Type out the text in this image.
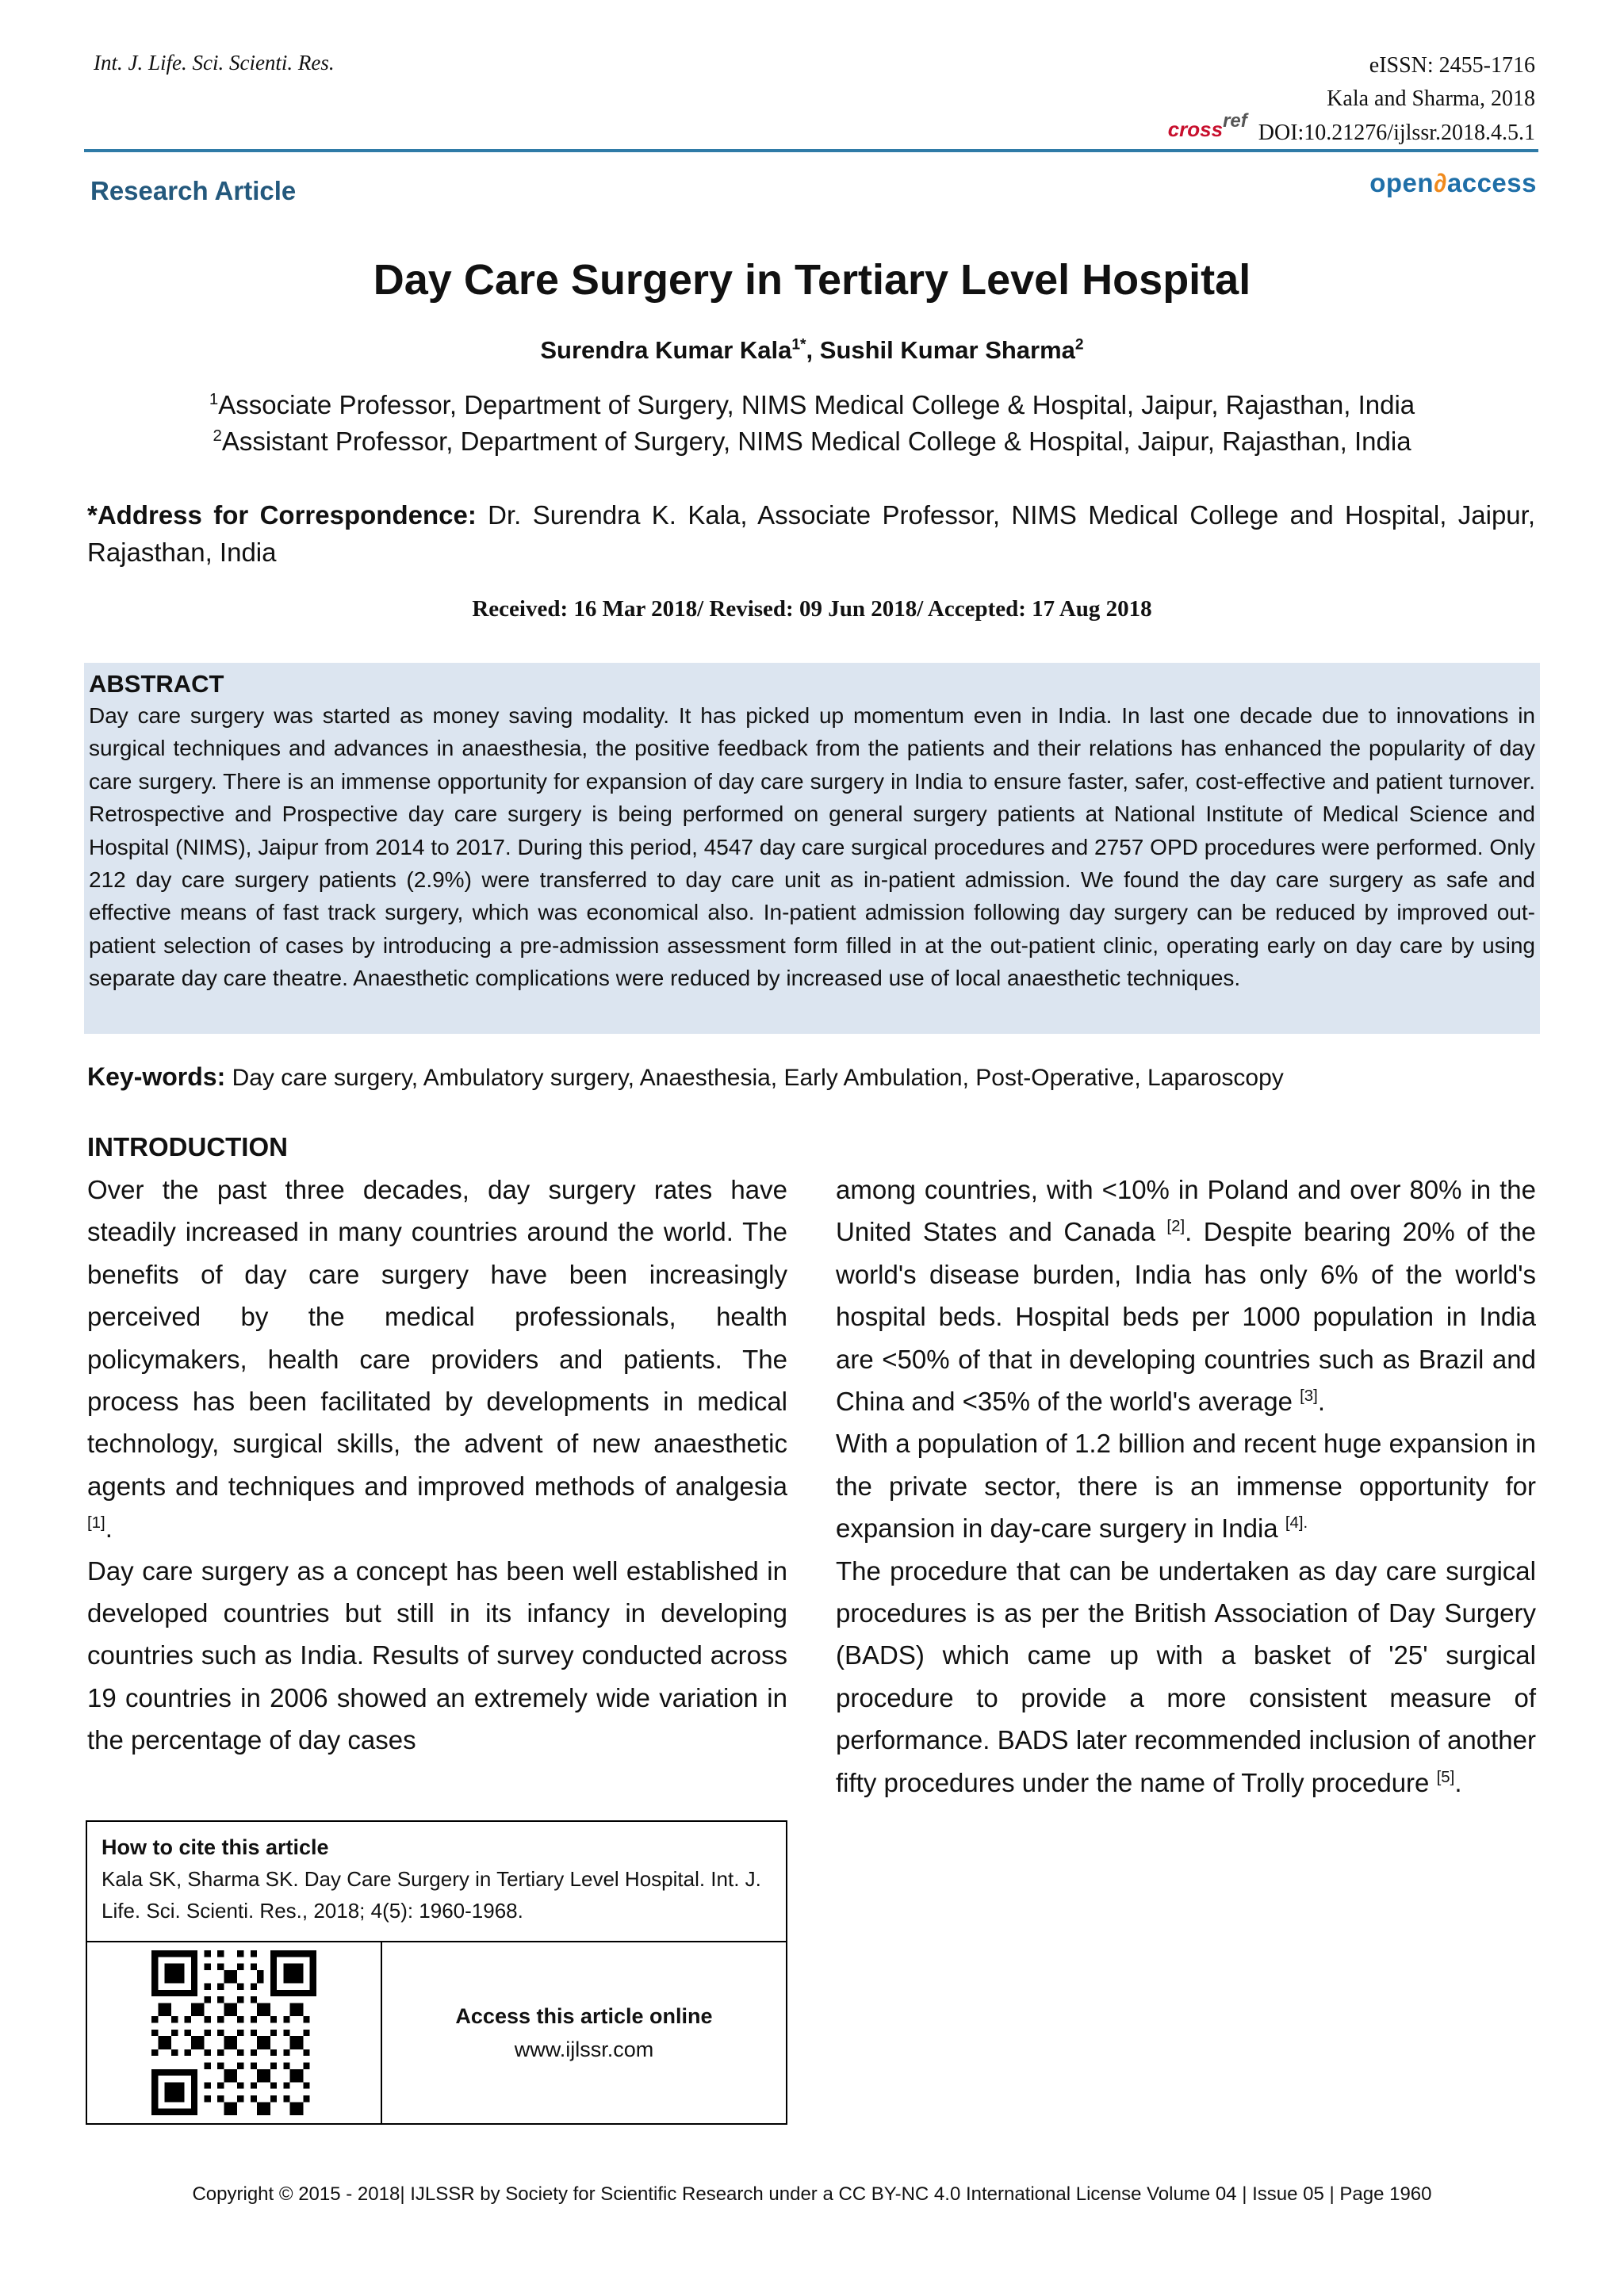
Int. J. Life. Sci. Scienti. Res.	eISSN: 2455-1716
Kala and Sharma, 2018
crossref DOI:10.21276/ijlssr.2018.4.5.1
Research Article	open∂access
Day Care Surgery in Tertiary Level Hospital
Surendra Kumar Kala$^{1*}$, Sushil Kumar Sharma$^2$
$^1$Associate Professor, Department of Surgery, NIMS Medical College & Hospital, Jaipur, Rajasthan, India
$^2$Assistant Professor, Department of Surgery, NIMS Medical College & Hospital, Jaipur, Rajasthan, India
*Address for Correspondence: Dr. Surendra K. Kala, Associate Professor, NIMS Medical College and Hospital, Jaipur, Rajasthan, India
Received: 16 Mar 2018/ Revised: 09 Jun 2018/ Accepted: 17 Aug 2018
ABSTRACT

Day care surgery was started as money saving modality. It has picked up momentum even in India. In last one decade due to innovations in surgical techniques and advances in anaesthesia, the positive feedback from the patients and their relations has enhanced the popularity of day care surgery. There is an immense opportunity for expansion of day care surgery in India to ensure faster, safer, cost-effective and patient turnover. Retrospective and Prospective day care surgery is being performed on general surgery patients at National Institute of Medical Science and Hospital (NIMS), Jaipur from 2014 to 2017. During this period, 4547 day care surgical procedures and 2757 OPD procedures were performed. Only 212 day care surgery patients (2.9%) were transferred to day care unit as in-patient admission. We found the day care surgery as safe and effective means of fast track surgery, which was economical also. In-patient admission following day surgery can be reduced by improved out-patient selection of cases by introducing a pre-admission assessment form filled in at the out-patient clinic, operating early on day care by using separate day care theatre. Anaesthetic complications were reduced by increased use of local anaesthetic techniques.

Key-words: Day care surgery, Ambulatory surgery, Anaesthesia, Early Ambulation, Post-Operative, Laparoscopy
INTRODUCTION

Over the past three decades, day surgery rates have steadily increased in many countries around the world. The benefits of day care surgery have been increasingly perceived by the medical professionals, health policymakers, health care providers and patients. The process has been facilitated by developments in medical technology, surgical skills, the advent of new anaesthetic agents and techniques and improved methods of analgesia [1].

Day care surgery as a concept has been well established in developed countries but still in its infancy in developing countries such as India. Results of survey conducted across 19 countries in 2006 showed an extremely wide variation in the percentage of day cases

among countries, with <10% in Poland and over 80% in the United States and Canada [2]. Despite bearing 20% of the world's disease burden, India has only 6% of the world's hospital beds. Hospital beds per 1000 population in India are <50% of that in developing countries such as Brazil and China and <35% of the world's average [3].

With a population of 1.2 billion and recent huge expansion in the private sector, there is an immense opportunity for expansion in day-care surgery in India $^{[4].}$

The procedure that can be undertaken as day care surgical procedures is as per the British Association of Day Surgery (BADS) which came up with a basket of '25' surgical procedure to provide a more consistent measure of performance. BADS later recommended inclusion of another fifty procedures under the name of Trolly procedure [5].

How to cite this article
Kala SK, Sharma SK. Day Care Surgery in Tertiary Level Hospital. Int. J. Life. Sci. Scienti. Res., 2018; 4(5): 1960-1968.
Access this article online
www.ijlssr.com
Copyright © 2015 - 2018| IJLSSR by Society for Scientific Research under a CC BY-NC 4.0 International License Volume 04 | Issue 05 | Page 1960
